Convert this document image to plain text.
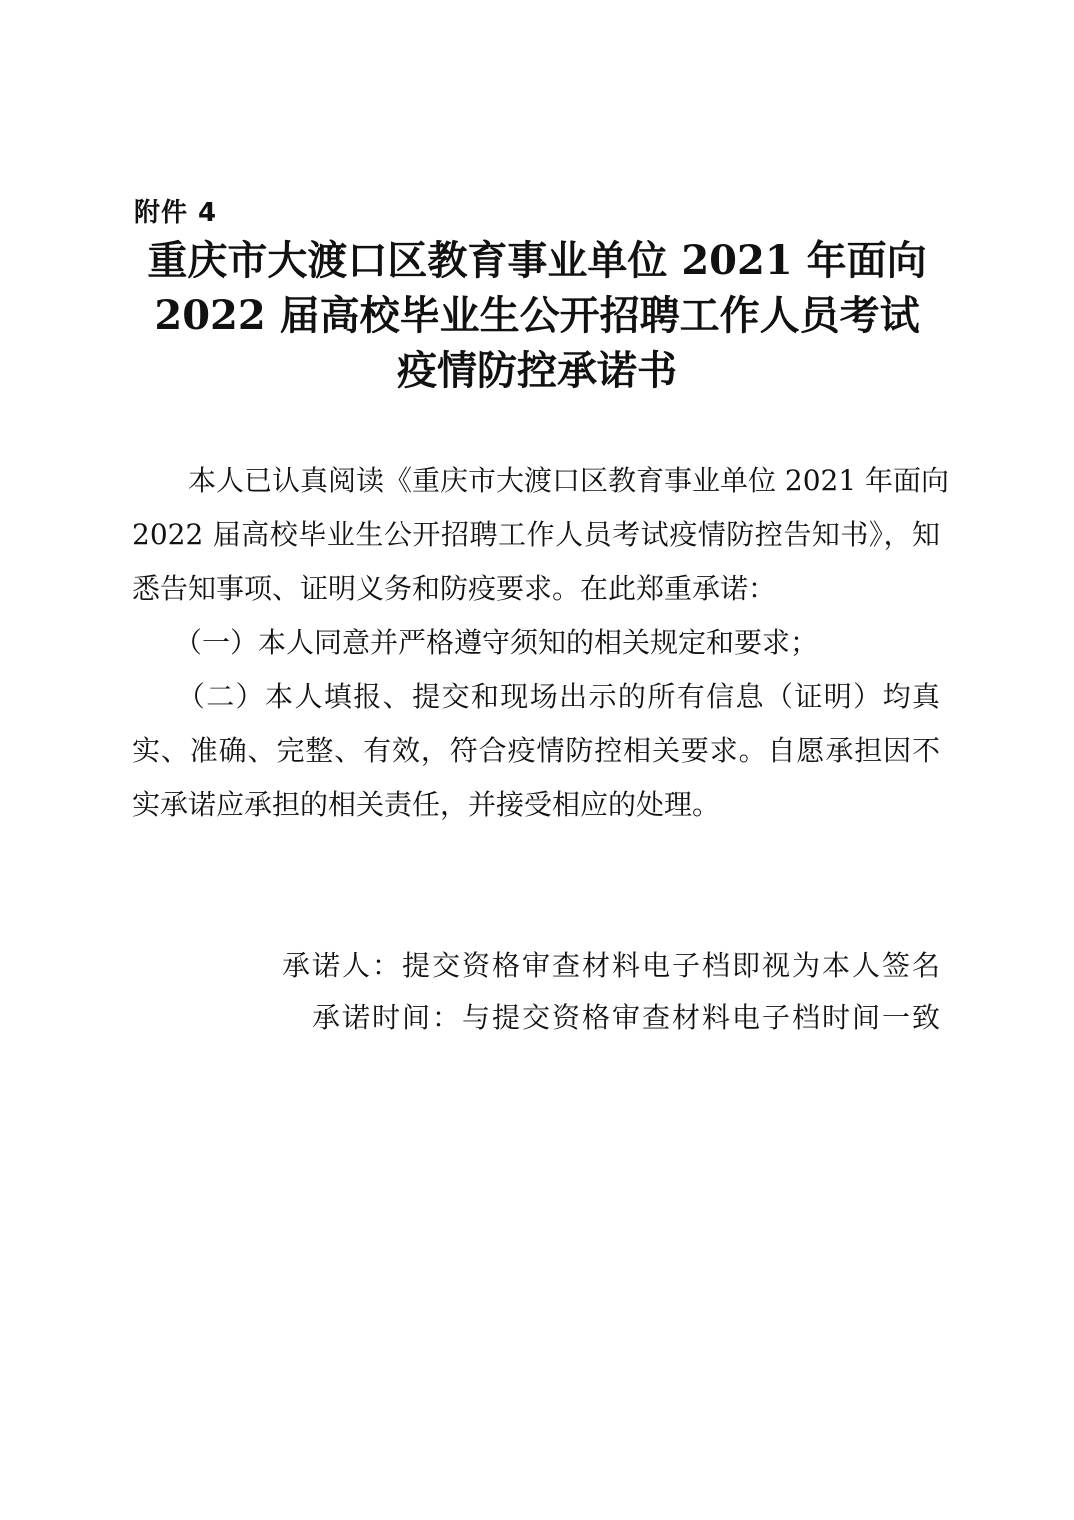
附件 4
重庆市大渡口区教育事业单位 2021 年面向
2022 届高校毕业生公开招聘工作人员考试
疫情防控承诺书
　　本人已认真阅读《重庆市大渡口区教育事业单位 2021 年面向
2022 届高校毕业生公开招聘工作人员考试疫情防控告知书》，知
悉告知事项、证明义务和防疫要求。在此郑重承诺：
　　（一）本人同意并严格遵守须知的相关规定和要求；
　　（二）本人填报、提交和现场出示的所有信息（证明）均真
实、准确、完整、有效，符合疫情防控相关要求。自愿承担因不
实承诺应承担的相关责任，并接受相应的处理。
承诺人：提交资格审查材料电子档即视为本人签名
承诺时间：与提交资格审查材料电子档时间一致
